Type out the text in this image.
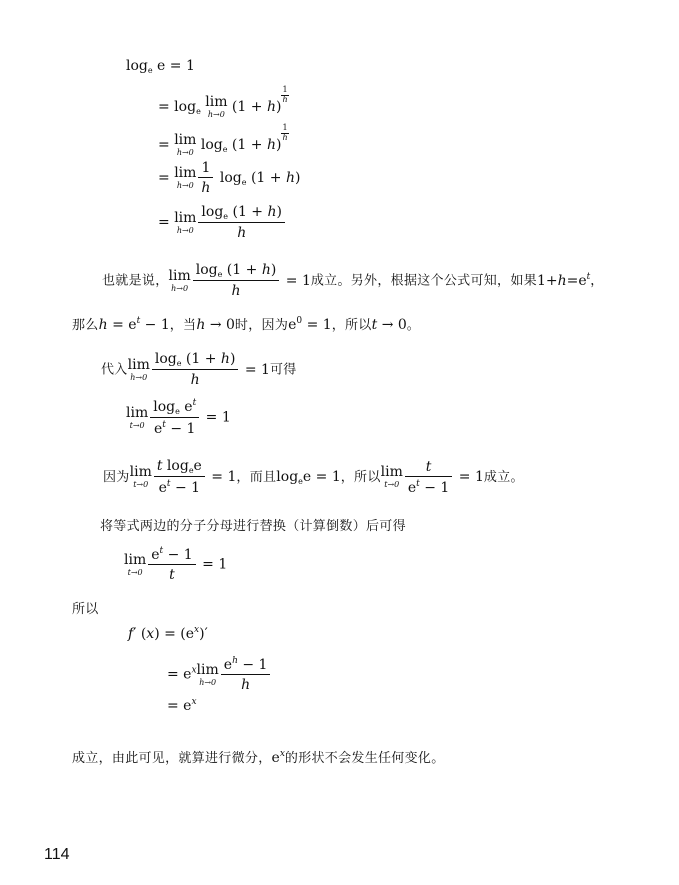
$\log_e e = 1$
= $\log_e$
lim
h→0 (1 + h)
$\frac{1}{h}$
= lim
h→0 $\log_e (1 + h)$
$\frac{1}{h}$
= lim
$h\to 0 \frac{1}{h} \log_e (1 + h)$
= lim
$h\to 0 \frac{\log_e (1 + h)}{h}$
也就是说， lim
$h\to 0 \frac{\log_e (1 + h)}{h} = 1$成立。另外，根据这个公式可知，如果$1+h=e^t$，
那么$h = e^t - 1$，当h → 0时，因为$e^0 = 1$，所以t → 0。
代入 lim
$h\to 0 \frac{\log_e (1 + h)}{h} = 1$可得
lim
$t\to 0 \frac{\log_e e^t}{e^t - 1} = 1$
因为 lim
$t\to 0 \frac{t \log_ee}{e^t - 1} = 1$，而且$\log_ee = 1$，所以 lim
$t\to 0 \frac{t}{e^t - 1} = 1$成立。
将等式两边的分子分母进行替换（计算倒数）后可得
lim
$t\to 0 \frac{e^t - 1}{t} = 1$
所以
f′ $(x) = (e^x)'$
= $e^x$ lim
$h\to 0 \frac{e^h - 1}{h}$
= $e^x$
成立，由此可见，就算进行微分，$e^x$的形状不会发生任何变化。
114
